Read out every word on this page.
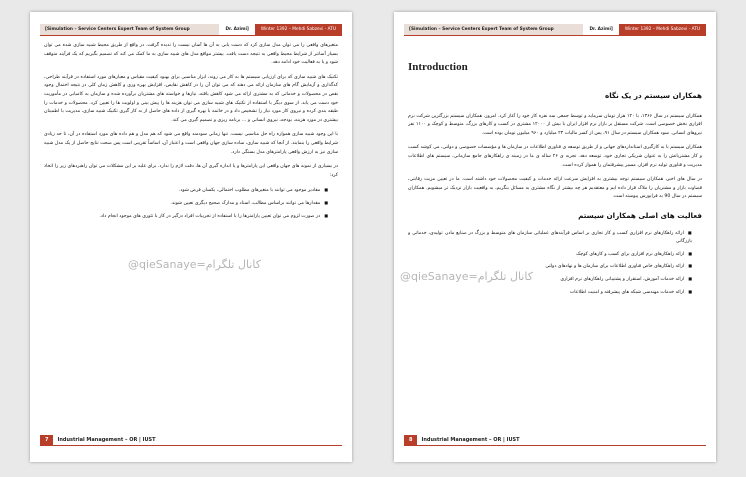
[Simulation – Service Centers Expert Team of System Group	Dr. Azimi]	Winter 1392 – Mehdi Sabzevi - ATU

متغیرهای واقعی را می توان مدل سازی کرد که دست یابی به آن ها آسان نیست را تدیده گرفت. در واقع از طریق محیط شبیه سازی شده می توان بسیار آسانتر از شرایط محیط واقعی به نتیجه دست یافت. بیشتر مواقع مدل های شبیه سازی به ما کمک می کند که تصمیم بگیریم که یک فرآیند متوقف شود و یا به فعالیت خود ادامه دهد.

تکنیک های شبیه سازی که برای ارزیابی سیستم ها به کار می روند، ابزار مناسبی برای بهبود کیفیت مقیاس و معیارهای مورد استفاده در فرآیند طراحی، کدگذاری و آزمایش گام های سازمان ارائه می دهند که می توان آن را در کاهش نقایص، افزایش بهره وری و کاهش زمان کلی در نتیجه احتمال وجود نقص در محصولات و خدماتی که به مشتری ارائه می شود کاهش یافته، نیازها و خواسته های مشتریان برآورده شده و سازمان به کامیابی در مأموریت خود دست می یابد. از سوی دیگر با استفاده از تکنیک های شبیه سازی می توان هزینه ها را پیش بینی و اولویت ها را تعیین کرد. محصولات و خدمات را طبقه بندی کرده و نیروی کار مورد نیاز را تشخیص داد و در خاتمه با بهره گیری از داده های حاصل از به کار گیری تکنیک شبیه سازی، مدیریت با اطمینان بیشتری در مورد هزینه، بودجه، نیروی انسانی و ... برنامه ریزی و تصمیم گیری می کند.

با این وجود شبیه سازی همواره راه حل مناسبی نیست. تنها زمانی سودمند واقع می شود که هم مدل و هم داده های مورد استفاده در آن، تا حد زیادی شرایط واقعی را بنمایند. از آنجا که شبیه سازی، ساده سازی جهان واقعی است و اعتبار آن، اساساً تقریبی است پس صحت نتایج حاصل از یک مدل شبیه سازی نیز به ارزش واقعی پارامترهای مدل بستگی دارد.

در بسیاری از نمونه های جهان واقعی این پارامترها و یا اندازه گیری آن ها، دقت لازم را ندارد. برای غلبه بر این مشکلات می توان راهبردهای زیر را اتخاذ کرد:

■ مقادیر موجود می توانند با متغیرهای مطلوب احتمالی، یکسان فرض شود.
■ مقدارها می توانند براساس مطالب، اسناد و مدارک صحیح دیگری تعیین شوند.
■ در صورت لزوم می توان تعیین پارامترها را با استفاده از تجربیات افراد درگیر در کار با تئوری های موجود انجام داد.
@qieSanaye=کانال تلگرام
7	Industrial Management – OR | IUST
[Simulation – Service Centers Expert Team of System Group	Dr. Azimi]	Winter 1392 – Mehdi Sabzevi - ATU
Introduction
همکاران سیستم در یک نگاه

همکاران سیستم در سال ۱۳۶۶، با ۱۲۰ هزار تومان سرمایه و توسط جمعی سه نفره کار خود را آغاز کرد. امروز، همکاران سیستم بزرگترین شرکت نرم افزاری بخش خصوصی است. شرکت مستقل بر بازار نرم افزار ایران با بیش از ۱۲۰۰۰ مشتری در کسب و کارهای بزرگ، متوسط و کوچک و ۱۱۰۰ نفر نیروهای انسانی. سود همکاران سیستم در سال ۹۱، پس از کسر مالیات ۲۳ میلیارد و ۹۶۰ میلیون تومان بوده است.

همکاران سیستم با به کارگیری استانداردهای جهانی و از طریق توسعه ی فناوری اطلاعات در سازمان ها و مؤسسات خصوصی و دولتی، می کوشد کسب و کار مشتریانش را به عنوان شریکی تجاری خود، توسعه دهد. تجربه ی ۲۶ ساله ی ما در زمینه ی راهکارهای جامع سازمانی، سیستم های اطلاعات مدیریت و فناوری تولید نرم افزار، مسیر پیشرفتمان را هموار کرده است.

در سال های اخیر، همکاران سیستم توجه بیشتری به افزایش سرعت ارائه خدمات و کیفیت محصولات خود داشته است. ما در تعیین مزیت رقابتی، قضاوت بازار و مشتریان را ملاک قرار داده ایم و معتقدیم هر چه بیشتر از نگاه مشتری به مسائل بنگریم، به واقعیت بازار نزدیک تر میشویم. همکاران سیستم در سال 90 به فرابورس پیوسته است.

فعالیت های اصلی همکاران سیستم
■ ارائه راهکارهای نرم افزاری کسب و کار تجاری بر اساس فرآیندهای عملیاتی سازمان های متوسط و بزرگ در صنایع مادر، تولیدی، خدماتی و بازرگانی
■ ارائه راهکارهای نرم افزاری برای کسب و کارهای کوچک
■ ارائه راهکارهای خاص فناوری اطلاعات برای سازمان ها و نهادهای دولتی
■ ارائه خدمات آموزش، استقرار و پشتیبانی راهکارهای نرم افزاری
■ ارائه خدمات مهندسی شبکه های پیشرفته و امنیت اطلاعات
@qieSanaye=کانال تلگرام
8	Industrial Management – OR | IUST
